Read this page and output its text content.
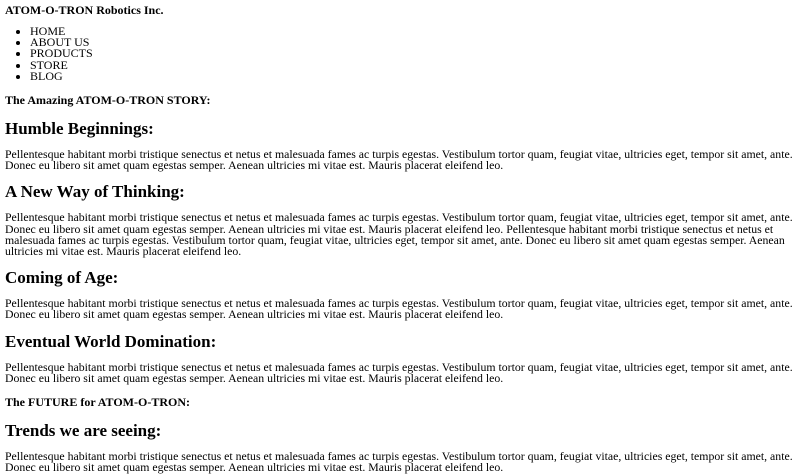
ATOM-O-TRON Robotics Inc.
• HOME
• ABOUT US
• PRODUCTS
• STORE
• BLOG
The Amazing ATOM-O-TRON STORY:
Humble Beginnings:

Pellentesque habitant morbi tristique senectus et netus et malesuada fames ac turpis egestas. Vestibulum tortor quam, feugiat vitae, ultricies eget, tempor sit amet, ante. Donec eu libero sit amet quam egestas semper. Aenean ultricies mi vitae est. Mauris placerat eleifend leo.

A New Way of Thinking:

Pellentesque habitant morbi tristique senectus et netus et malesuada fames ac turpis egestas. Vestibulum tortor quam, feugiat vitae, ultricies eget, tempor sit amet, ante. Donec eu libero sit amet quam egestas semper. Aenean ultricies mi vitae est. Mauris placerat eleifend leo. Pellentesque habitant morbi tristique senectus et netus et malesuada fames ac turpis egestas. Vestibulum tortor quam, feugiat vitae, ultricies eget, tempor sit amet, ante. Donec eu libero sit amet quam egestas semper. Aenean ultricies mi vitae est. Mauris placerat eleifend leo.

Coming of Age:

Pellentesque habitant morbi tristique senectus et netus et malesuada fames ac turpis egestas. Vestibulum tortor quam, feugiat vitae, ultricies eget, tempor sit amet, ante. Donec eu libero sit amet quam egestas semper. Aenean ultricies mi vitae est. Mauris placerat eleifend leo.

Eventual World Domination:

Pellentesque habitant morbi tristique senectus et netus et malesuada fames ac turpis egestas. Vestibulum tortor quam, feugiat vitae, ultricies eget, tempor sit amet, ante. Donec eu libero sit amet quam egestas semper. Aenean ultricies mi vitae est. Mauris placerat eleifend leo.

The FUTURE for ATOM-O-TRON:
Trends we are seeing:

Pellentesque habitant morbi tristique senectus et netus et malesuada fames ac turpis egestas. Vestibulum tortor quam, feugiat vitae, ultricies eget, tempor sit amet, ante. Donec eu libero sit amet quam egestas semper. Aenean ultricies mi vitae est. Mauris placerat eleifend leo.
